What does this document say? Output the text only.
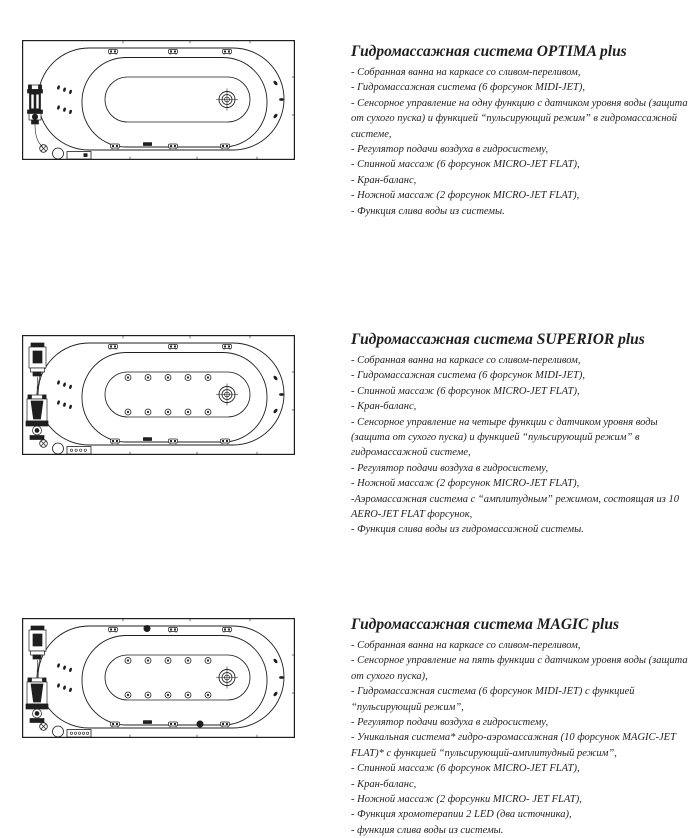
Гидромассажная система OPTIMA plus

- Собранная ванна на каркасе со сливом-переливом,

- Гидромассажная система (6 форсунок MIDI-JET),

- Сенсорное управление на одну функцию с датчиком уровня воды (защита от сухого пуска) и функцией “пульсирующий режим” в гидромассажной системе,

- Регулятор подачи воздуха в гидросистему,

- Спинной массаж (6 форсунок MICRO-JET FLAT),

- Кран-баланс,

- Ножной массаж (2 форсунок MICRO-JET FLAT),

- Функция слива воды из системы.

Гидромассажная система SUPERIOR plus

- Собранная ванна на каркасе со сливом-переливом,

- Гидромассажная система (6 форсунок MIDI-JET),

- Спинной массаж (6 форсунок MICRO-JET FLAT),

- Кран-баланс,

- Сенсорное управление на четыре функции с датчиком уровня воды (защита от сухого пуска) и функцией “пульсирующий режим” в гидромассажной системе,

- Регулятор подачи воздуха в гидросистему,

- Ножной массаж (2 форсунок MICRO-JET FLAT),

-Аэромассажная система с “амплитудным” режимом, состоящая из 10 AERO-JET FLAT форсунок,

- Функция слива воды из гидромассажной системы.

Гидромассажная система MAGIC plus

- Собранная ванна на каркасе со сливом-переливом,

- Сенсорное управление на пять функции с датчиком уровня воды (защита от сухого пуска),

- Гидромассажная система (6 форсунок MIDI-JET) с функцией “пульсирующий режим”,

- Регулятор подачи воздуха в гидросистему,

- Уникальная система* гидро-аэромассажная (10 форсунок MAGIC-JET FLAT)* с функцией “пульсирующий-амплитудный режим”,

- Спинной массаж (6 форсунок MICRO-JET FLAT),

- Кран-баланс,

- Ножной массаж (2 форсунки MICRO- JET FLAT),

- Функция хромотерапии 2 LED (два источника),

- функция слива воды из системы.
